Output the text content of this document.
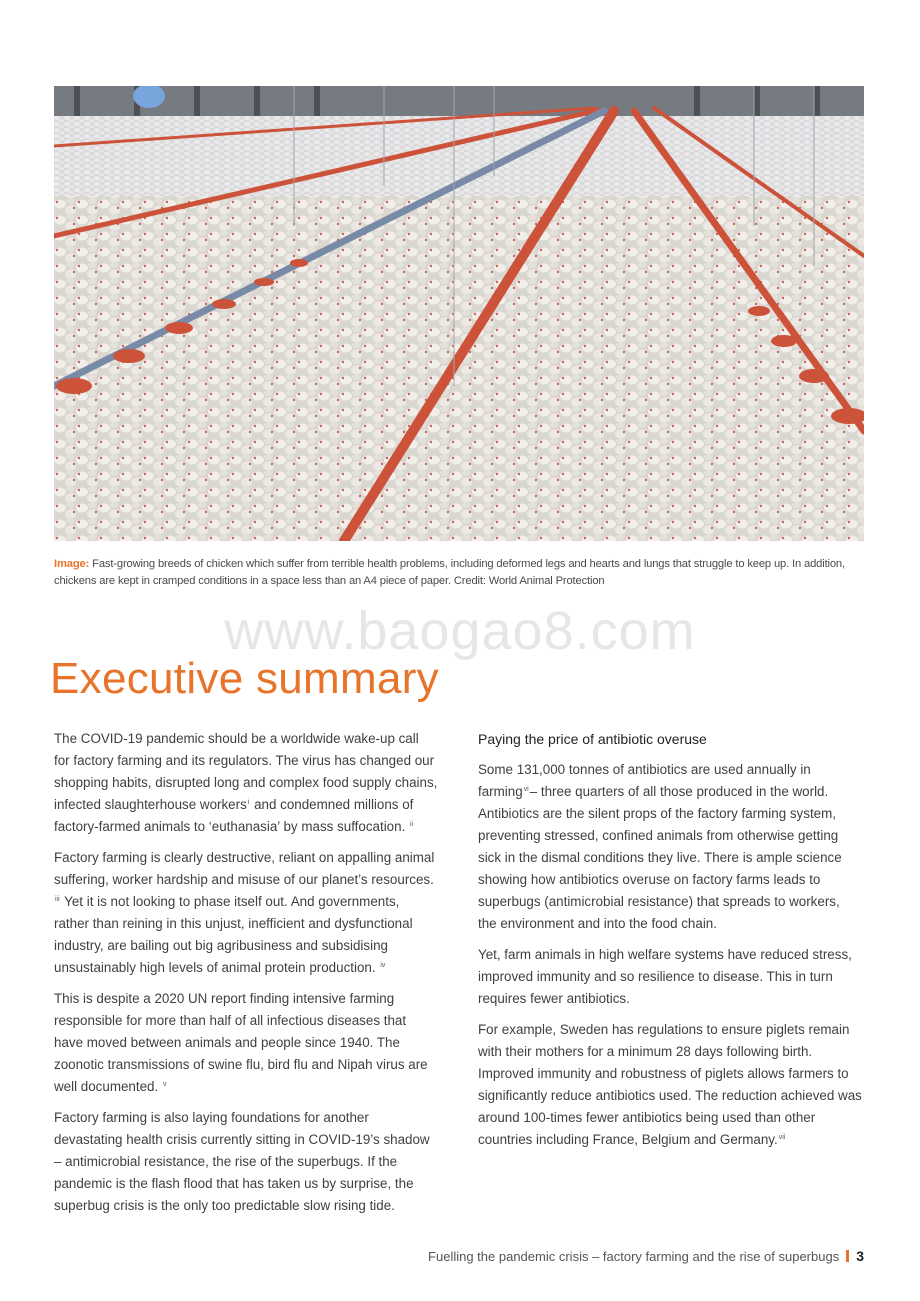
Image: Fast-growing breeds of chicken which suffer from terrible health problems, including deformed legs and hearts and lungs that struggle to keep up. In addition, chickens are kept in cramped conditions in a space less than an A4 piece of paper. Credit: World Animal Protection
www.baogao8.com
Executive summary

The COVID-19 pandemic should be a worldwide wake-up call for factory farming and its regulators. The virus has changed our shopping habits, disrupted long and complex food supply chains, infected slaughterhouse workers$^i$ and condemned millions of factory-farmed animals to ‘euthanasia’ by mass suffocation. $^{ii}$

Factory farming is clearly destructive, reliant on appalling animal suffering, worker hardship and misuse of our planet’s resources. $^{iii}$ Yet it is not looking to phase itself out. And governments, rather than reining in this unjust, inefficient and dysfunctional industry, are bailing out big agribusiness and subsidising unsustainably high levels of animal protein production. $^{iv}$

This is despite a 2020 UN report finding intensive farming responsible for more than half of all infectious diseases that have moved between animals and people since 1940. The zoonotic transmissions of swine flu, bird flu and Nipah virus are well documented. $^v$

Factory farming is also laying foundations for another devastating health crisis currently sitting in COVID-19’s shadow – antimicrobial resistance, the rise of the superbugs. If the pandemic is the flash flood that has taken us by surprise, the superbug crisis is the only too predictable slow rising tide.

Paying the price of antibiotic overuse

Some 131,000 tonnes of antibiotics are used annually in farming$^{vi}$– three quarters of all those produced in the world. Antibiotics are the silent props of the factory farming system, preventing stressed, confined animals from otherwise getting sick in the dismal conditions they live. There is ample science showing how antibiotics overuse on factory farms leads to superbugs (antimicrobial resistance) that spreads to workers, the environment and into the food chain.

Yet, farm animals in high welfare systems have reduced stress, improved immunity and so resilience to disease. This in turn requires fewer antibiotics.

For example, Sweden has regulations to ensure piglets remain with their mothers for a minimum 28 days following birth. Improved immunity and robustness of piglets allows farmers to significantly reduce antibiotics used. The reduction achieved was around 100-times fewer antibiotics being used than other countries including France, Belgium and Germany.$^{vii}$

Fuelling the pandemic crisis – factory farming and the rise of superbugs 3
